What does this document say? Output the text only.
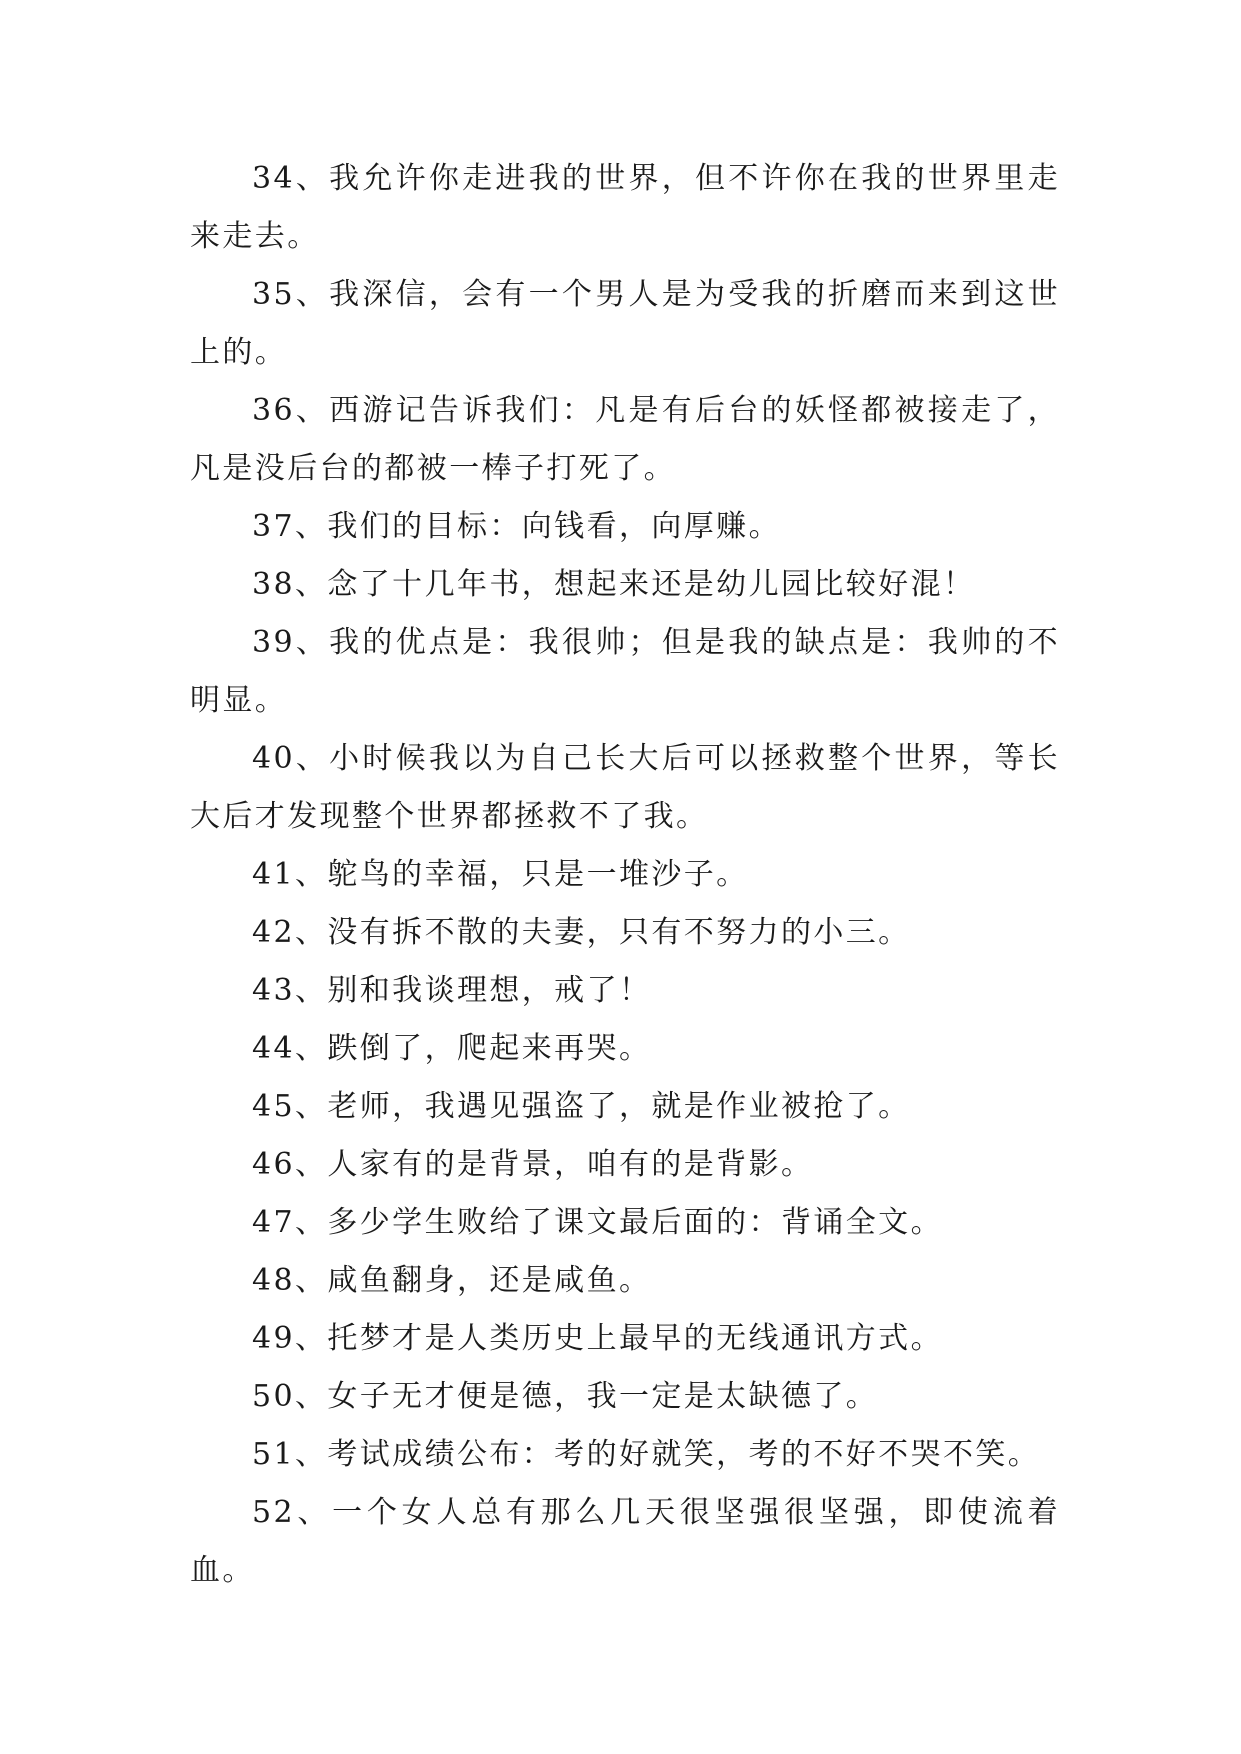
34、我允许你走进我的世界，但不许你在我的世界里走来走去。

35、我深信，会有一个男人是为受我的折磨而来到这世上的。

36、西游记告诉我们：凡是有后台的妖怪都被接走了，凡是没后台的都被一棒子打死了。

37、我们的目标：向钱看，向厚赚。

38、念了十几年书，想起来还是幼儿园比较好混！

39、我的优点是：我很帅；但是我的缺点是：我帅的不明显。

40、小时候我以为自己长大后可以拯救整个世界，等长大后才发现整个世界都拯救不了我。

41、鸵鸟的幸福，只是一堆沙子。

42、没有拆不散的夫妻，只有不努力的小三。

43、别和我谈理想，戒了！

44、跌倒了，爬起来再哭。

45、老师，我遇见强盗了，就是作业被抢了。

46、人家有的是背景，咱有的是背影。

47、多少学生败给了课文最后面的：背诵全文。

48、咸鱼翻身，还是咸鱼。

49、托梦才是人类历史上最早的无线通讯方式。

50、女子无才便是德，我一定是太缺德了。

51、考试成绩公布：考的好就笑，考的不好不哭不笑。

52、一个女人总有那么几天很坚强很坚强，即使流着血。
